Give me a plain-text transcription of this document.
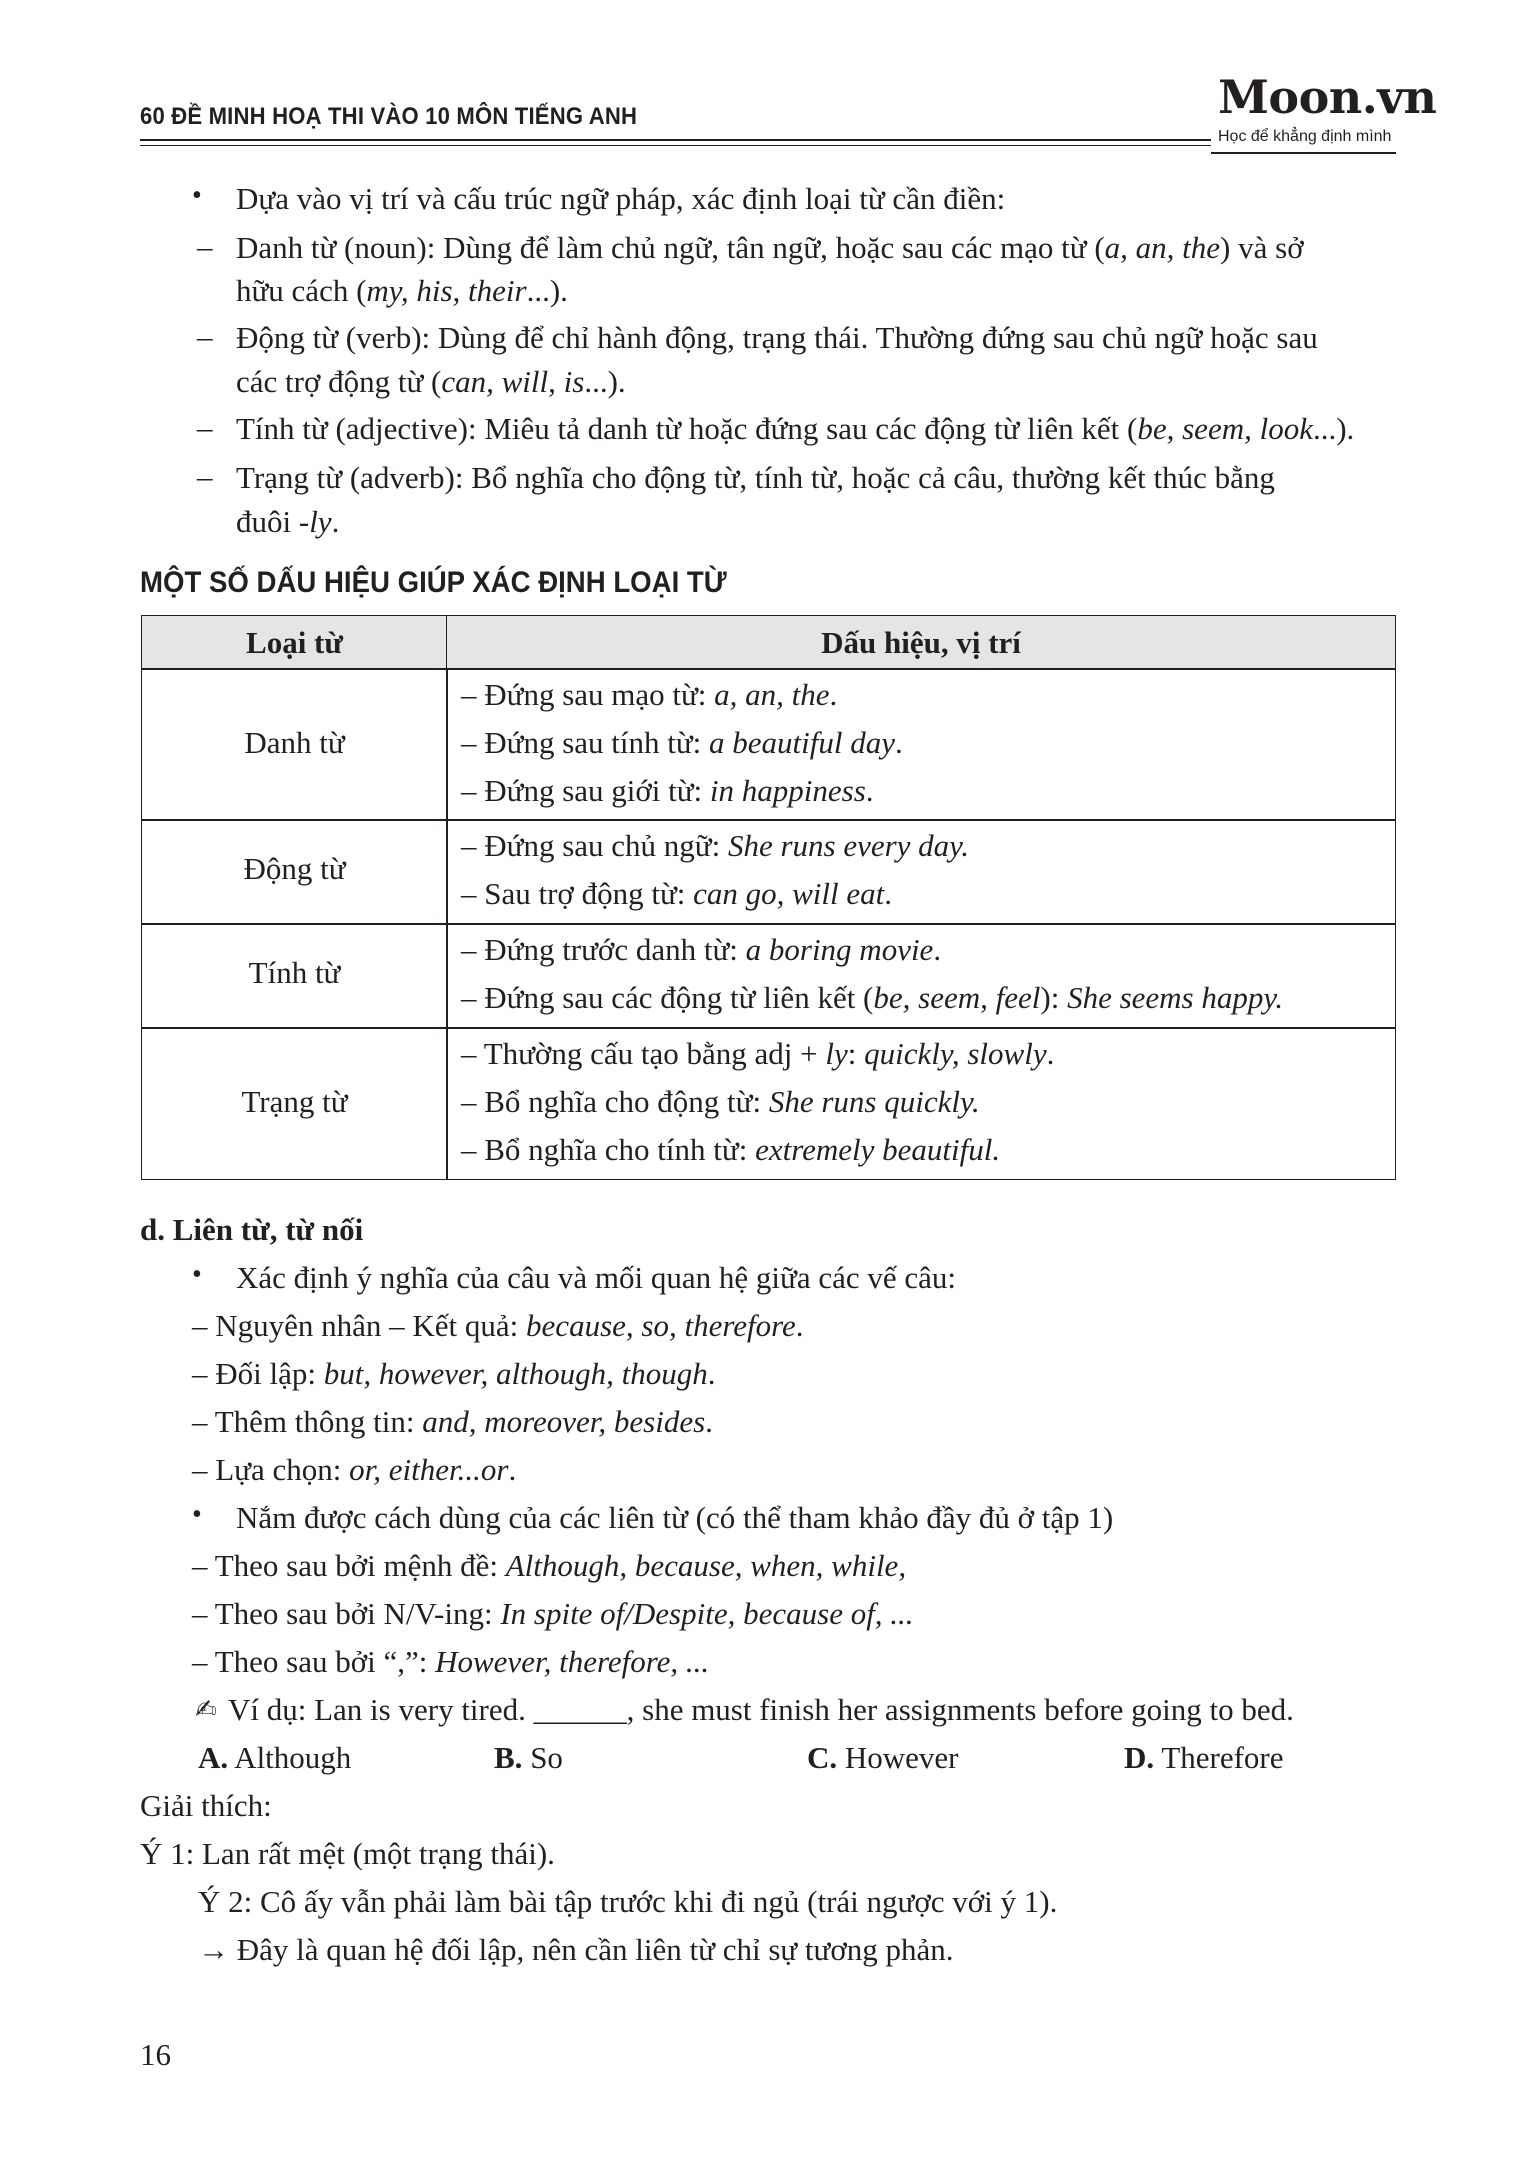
60 ĐỀ MINH HOẠ THI VÀO 10 MÔN TIẾNG ANH	Moon.vn
Học để khẳng định mình
• Dựa vào vị trí và cấu trúc ngữ pháp, xác định loại từ cần điền:
– Danh từ (noun): Dùng để làm chủ ngữ, tân ngữ, hoặc sau các mạo từ (a, an, the) và sở
hữu cách (my, his, their...).
– Động từ (verb): Dùng để chỉ hành động, trạng thái. Thường đứng sau chủ ngữ hoặc sau
các trợ động từ (can, will, is...).
– Tính từ (adjective): Miêu tả danh từ hoặc đứng sau các động từ liên kết (be, seem, look...).
– Trạng từ (adverb): Bổ nghĩa cho động từ, tính từ, hoặc cả câu, thường kết thúc bằng
đuôi -ly.
MỘT SỐ DẤU HIỆU GIÚP XÁC ĐỊNH LOẠI TỪ
Loại từ	Dấu hiệu, vị trí
Danh từ
– Đứng sau mạo từ: a, an, the.
– Đứng sau tính từ: a beautiful day.
– Đứng sau giới từ: in happiness.
Động từ
– Đứng sau chủ ngữ: She runs every day.
– Sau trợ động từ: can go, will eat.
Tính từ
– Đứng trước danh từ: a boring movie.
– Đứng sau các động từ liên kết (be, seem, feel): She seems happy.
Trạng từ
– Thường cấu tạo bằng adj + ly: quickly, slowly.
– Bổ nghĩa cho động từ: She runs quickly.
– Bổ nghĩa cho tính từ: extremely beautiful.
d. Liên từ, từ nối
• Xác định ý nghĩa của câu và mối quan hệ giữa các vế câu:
– Nguyên nhân – Kết quả: because, so, therefore.
– Đối lập: but, however, although, though.
– Thêm thông tin: and, moreover, besides.
– Lựa chọn: or, either...or.
• Nắm được cách dùng của các liên từ (có thể tham khảo đầy đủ ở tập 1)
– Theo sau bởi mệnh đề: Although, because, when, while,
– Theo sau bởi N/V-ing: In spite of/Despite, because of, ...
– Theo sau bởi “,”: However, therefore, ...
✍ Ví dụ: Lan is very tired. ______, she must finish her assignments before going to bed.
A. Although	B. So	C. However	D. Therefore
Giải thích:
Ý 1: Lan rất mệt (một trạng thái).
Ý 2: Cô ấy vẫn phải làm bài tập trước khi đi ngủ (trái ngược với ý 1).
→ Đây là quan hệ đối lập, nên cần liên từ chỉ sự tương phản.
16
